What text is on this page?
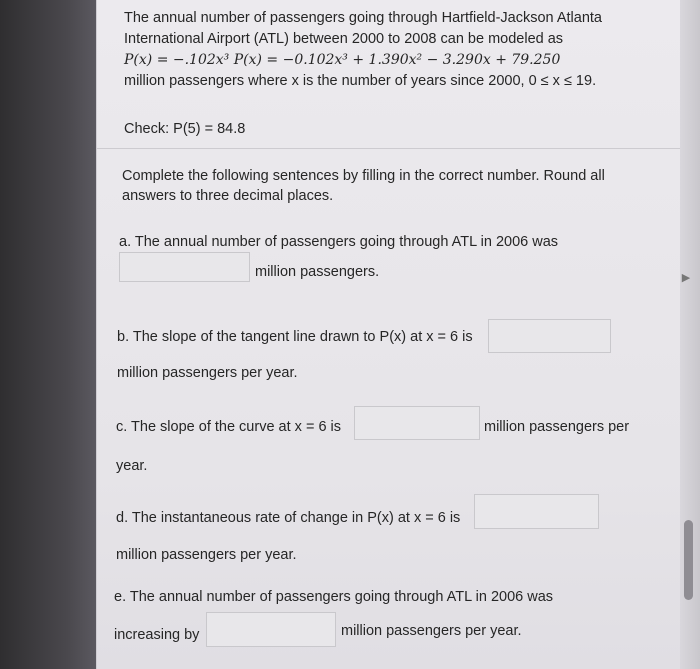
▶
The annual number of passengers going through Hartfield-Jackson Atlanta
International Airport (ATL) between 2000 to 2008 can be modeled as
P(x) = −.102x³ P(x) = −0.102x³ + 1.390x² − 3.290x + 79.250
million passengers where x is the number of years since 2000, 0 ≤ x ≤ 19.
Check: P(5) = 84.8
Complete the following sentences by filling in the correct number. Round all
answers to three decimal places.
a. The annual number of passengers going through ATL in 2006 was
million passengers.
b. The slope of the tangent line drawn to P(x) at x = 6 is
million passengers per year.
c. The slope of the curve at x = 6 is	million passengers per
year.
d. The instantaneous rate of change in P(x) at x = 6 is
million passengers per year.
e. The annual number of passengers going through ATL in 2006 was
increasing by	million passengers per year.
